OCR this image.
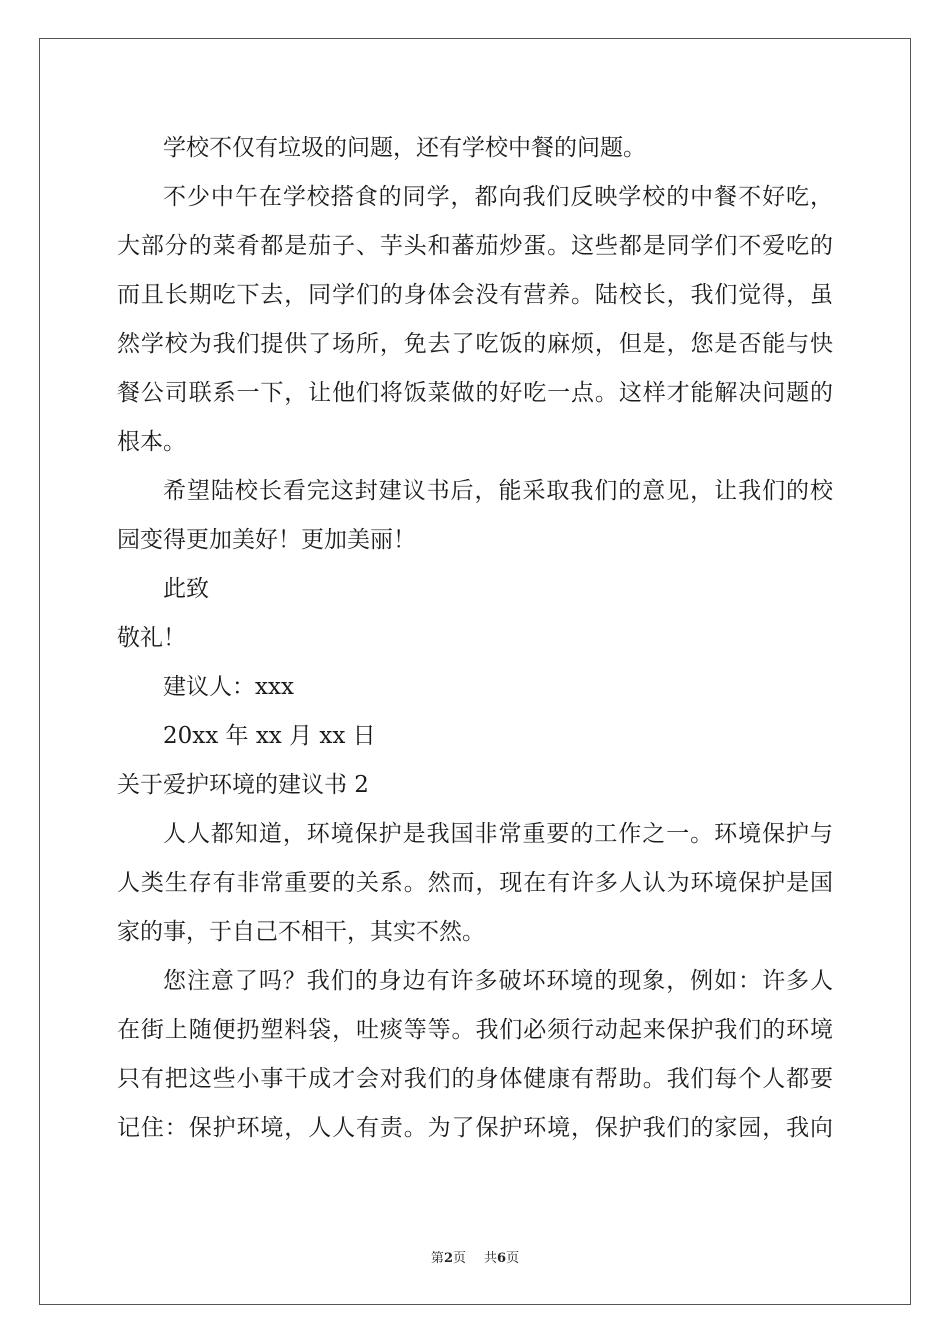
学校不仅有垃圾的问题，还有学校中餐的问题。
不少中午在学校搭食的同学，都向我们反映学校的中餐不好吃，
大部分的菜肴都是茄子、芋头和蕃茄炒蛋。这些都是同学们不爱吃的
而且长期吃下去，同学们的身体会没有营养。陆校长，我们觉得，虽
然学校为我们提供了场所，免去了吃饭的麻烦，但是，您是否能与快
餐公司联系一下，让他们将饭菜做的好吃一点。这样才能解决问题的
根本。
希望陆校长看完这封建议书后，能采取我们的意见，让我们的校
园变得更加美好！更加美丽！
此致
敬礼！
建议人：xxx
20xx 年 xx 月 xx 日
关于爱护环境的建议书 2
人人都知道，环境保护是我国非常重要的工作之一。环境保护与
人类生存有非常重要的关系。然而，现在有许多人认为环境保护是国
家的事，于自己不相干，其实不然。
您注意了吗？我们的身边有许多破坏环境的现象，例如：许多人
在街上随便扔塑料袋，吐痰等等。我们必须行动起来保护我们的环境
只有把这些小事干成才会对我们的身体健康有帮助。我们每个人都要
记住：保护环境，人人有责。为了保护环境，保护我们的家园，我向
第2页 共6页
